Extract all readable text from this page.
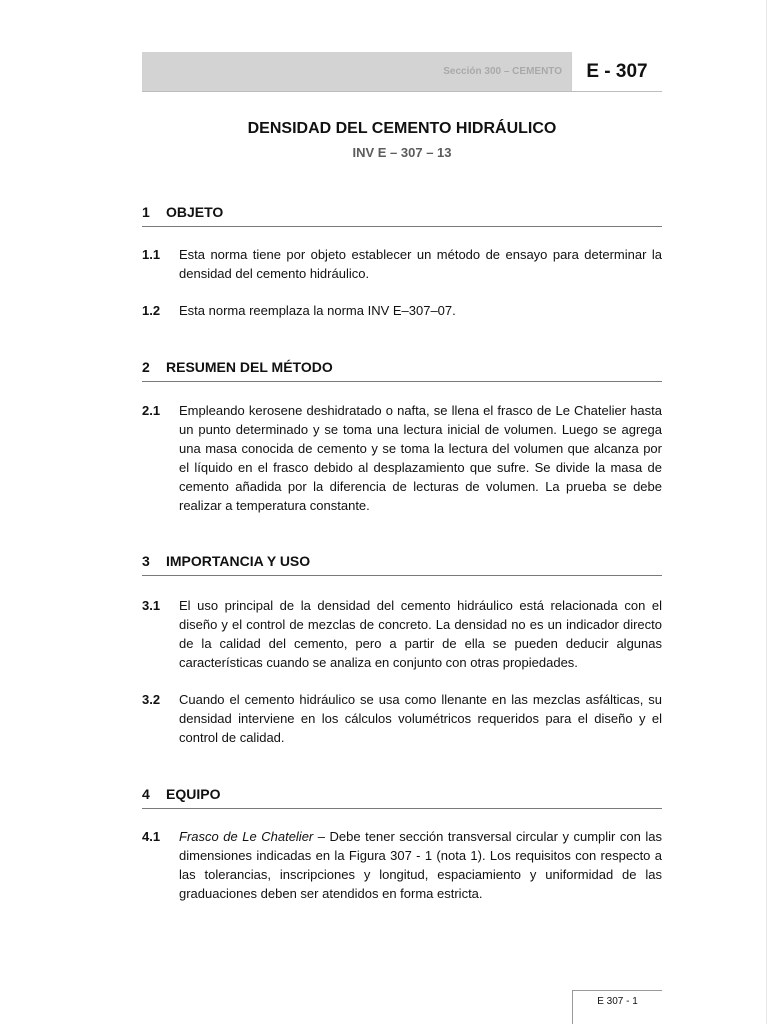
Sección 300 – CEMENTO	E - 307
DENSIDAD DEL CEMENTO HIDRÁULICO
INV E – 307 – 13
1 OBJETO
1.1 Esta norma tiene por objeto establecer un método de ensayo para determinar la densidad del cemento hidráulico.
1.2 Esta norma reemplaza la norma INV E–307–07.
2 RESUMEN DEL MÉTODO
2.1 Empleando kerosene deshidratado o nafta, se llena el frasco de Le Chatelier hasta un punto determinado y se toma una lectura inicial de volumen. Luego se agrega una masa conocida de cemento y se toma la lectura del volumen que alcanza por el líquido en el frasco debido al desplazamiento que sufre. Se divide la masa de cemento añadida por la diferencia de lecturas de volumen. La prueba se debe realizar a temperatura constante.
3 IMPORTANCIA Y USO
3.1 El uso principal de la densidad del cemento hidráulico está relacionada con el diseño y el control de mezclas de concreto. La densidad no es un indicador directo de la calidad del cemento, pero a partir de ella se pueden deducir algunas características cuando se analiza en conjunto con otras propiedades.
3.2 Cuando el cemento hidráulico se usa como llenante en las mezclas asfálticas, su densidad interviene en los cálculos volumétricos requeridos para el diseño y el control de calidad.
4 EQUIPO
4.1 Frasco de Le Chatelier – Debe tener sección transversal circular y cumplir con las dimensiones indicadas en la Figura 307 - 1 (nota 1). Los requisitos con respecto a las tolerancias, inscripciones y longitud, espaciamiento y uniformidad de las graduaciones deben ser atendidos en forma estricta.
E 307 - 1
